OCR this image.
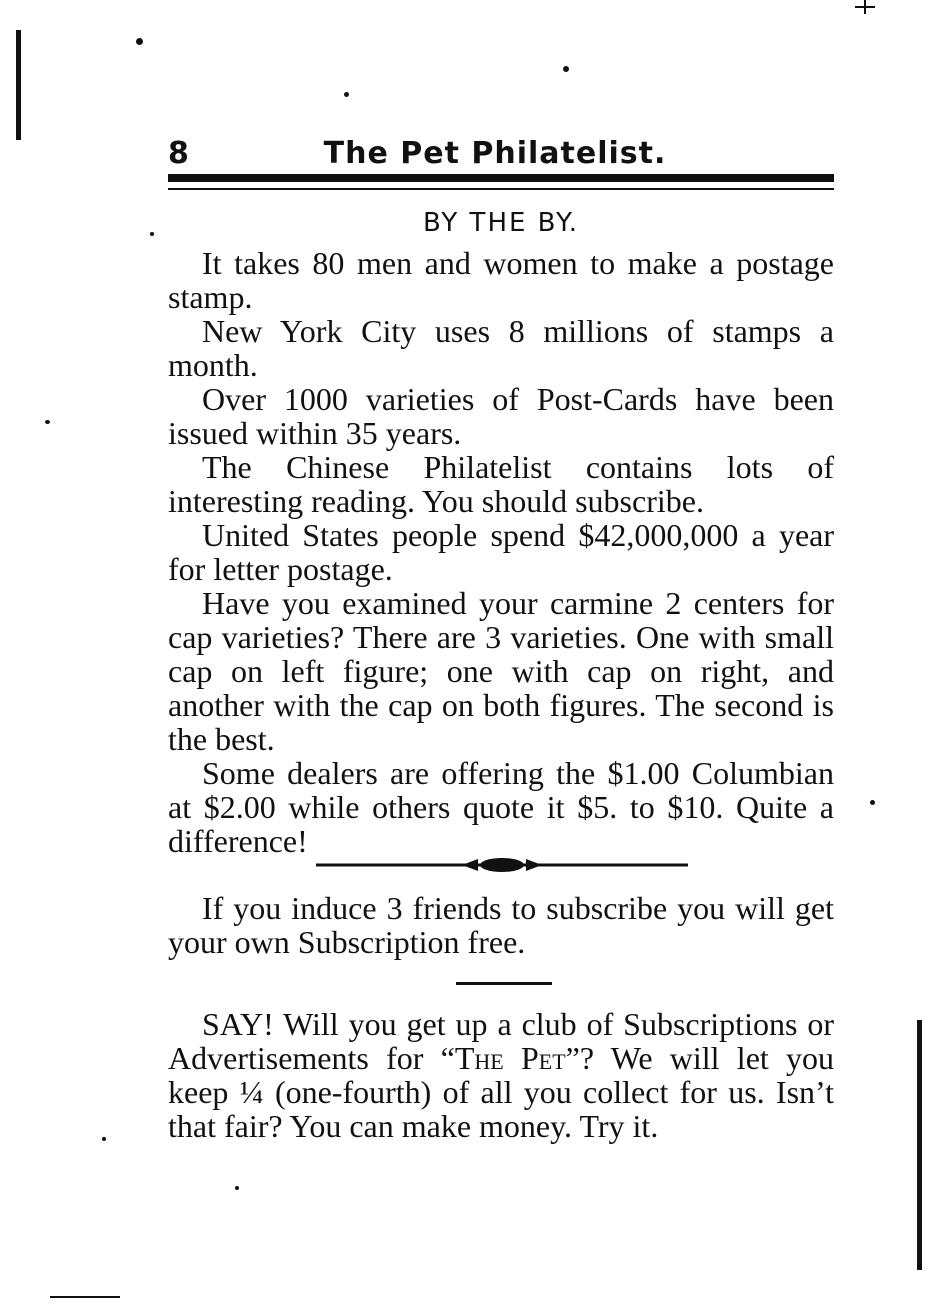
8	The Pet Philatelist.
BY THE BY.

It takes 80 men and women to make a postage stamp.

New York City uses 8 millions of stamps a month.

Over 1000 varieties of Post-Cards have been issued within 35 years.

The Chinese Philatelist contains lots of interesting reading. You should subscribe.

United States people spend $42,000,000 a year for letter postage.

Have you examined your carmine 2 centers for cap varieties? There are 3 varieties. One with small cap on left figure; one with cap on right, and another with the cap on both figures. The second is the best.

Some dealers are offering the $1.00 Columbian at $2.00 while others quote it $5. to $10. Quite a difference!

If you induce 3 friends to subscribe you will get your own Subscription free.

SAY! Will you get up a club of Subscriptions or Advertisements for “The Pet”? We will let you keep ¼ (one-fourth) of all you collect for us. Isn’t that fair? You can make money. Try it.
